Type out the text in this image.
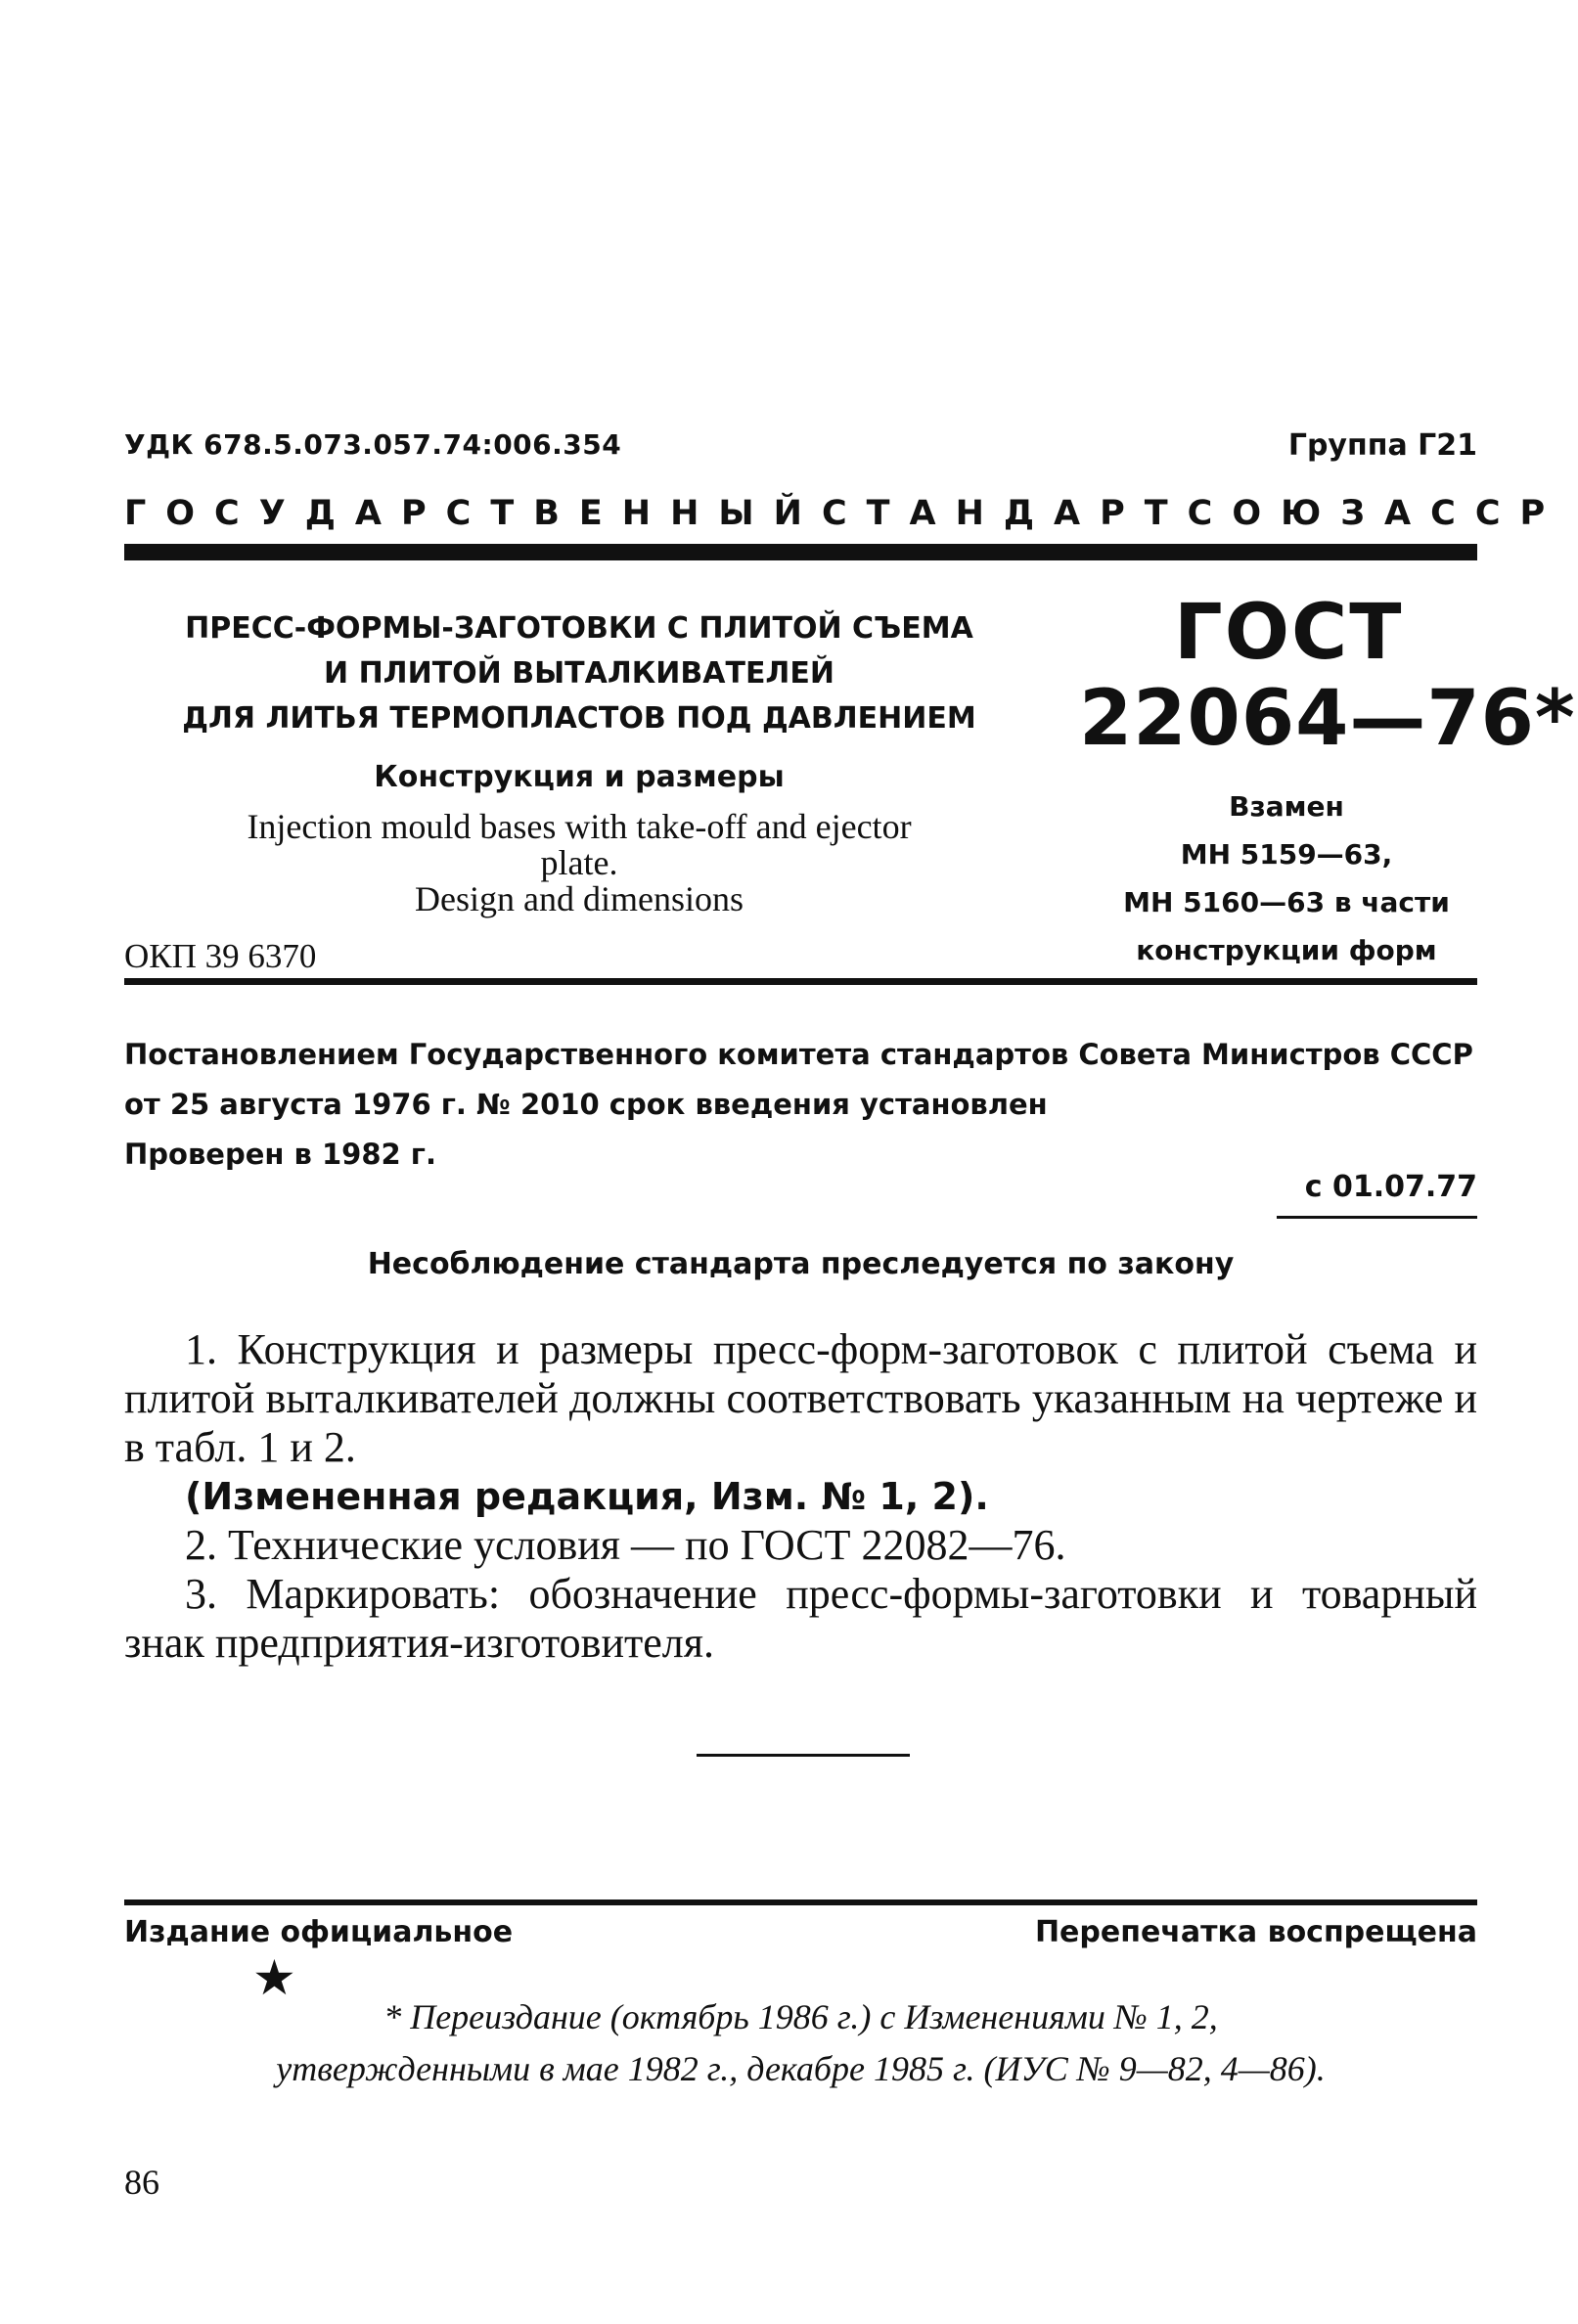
УДК 678.5.073.057.74:006.354	Группа Г21
ГОСУДАРСТВЕННЫЙ СТАНДАРТ СОЮЗА ССР
ПРЕСС-ФОРМЫ-ЗАГОТОВКИ С ПЛИТОЙ СЪЕМА
И ПЛИТОЙ ВЫТАЛКИВАТЕЛЕЙ
ДЛЯ ЛИТЬЯ ТЕРМОПЛАСТОВ ПОД ДАВЛЕНИЕМ
Конструкция и размеры
Injection mould bases with take-off and ejector
plate.
Design and dimensions
ОКП 39 6370
ГОСТ
22064—76*
Взамен
МН 5159—63,
МН 5160—63 в части
конструкции форм
Постановлением Государственного комитета стандартов Совета Министров СССР
от 25 августа 1976 г. № 2010 срок введения установлен
Проверен в 1982 г.
с 01.07.77
Несоблюдение стандарта преследуется по закону

1. Конструкция и размеры пресс-форм-заготовок с плитой съема и плитой выталкивателей должны соответствовать указанным на чертеже и в табл. 1 и 2.

(Измененная редакция, Изм. № 1, 2).

2. Технические условия — по ГОСТ 22082—76.

3. Маркировать: обозначение пресс-формы-заготовки и товарный знак предприятия-изготовителя.

Издание официальное	Перепечатка воспрещена
★
* Переиздание (октябрь 1986 г.) с Изменениями № 1, 2,
утвержденными в мае 1982 г., декабре 1985 г. (ИУС № 9—82, 4—86).
86
